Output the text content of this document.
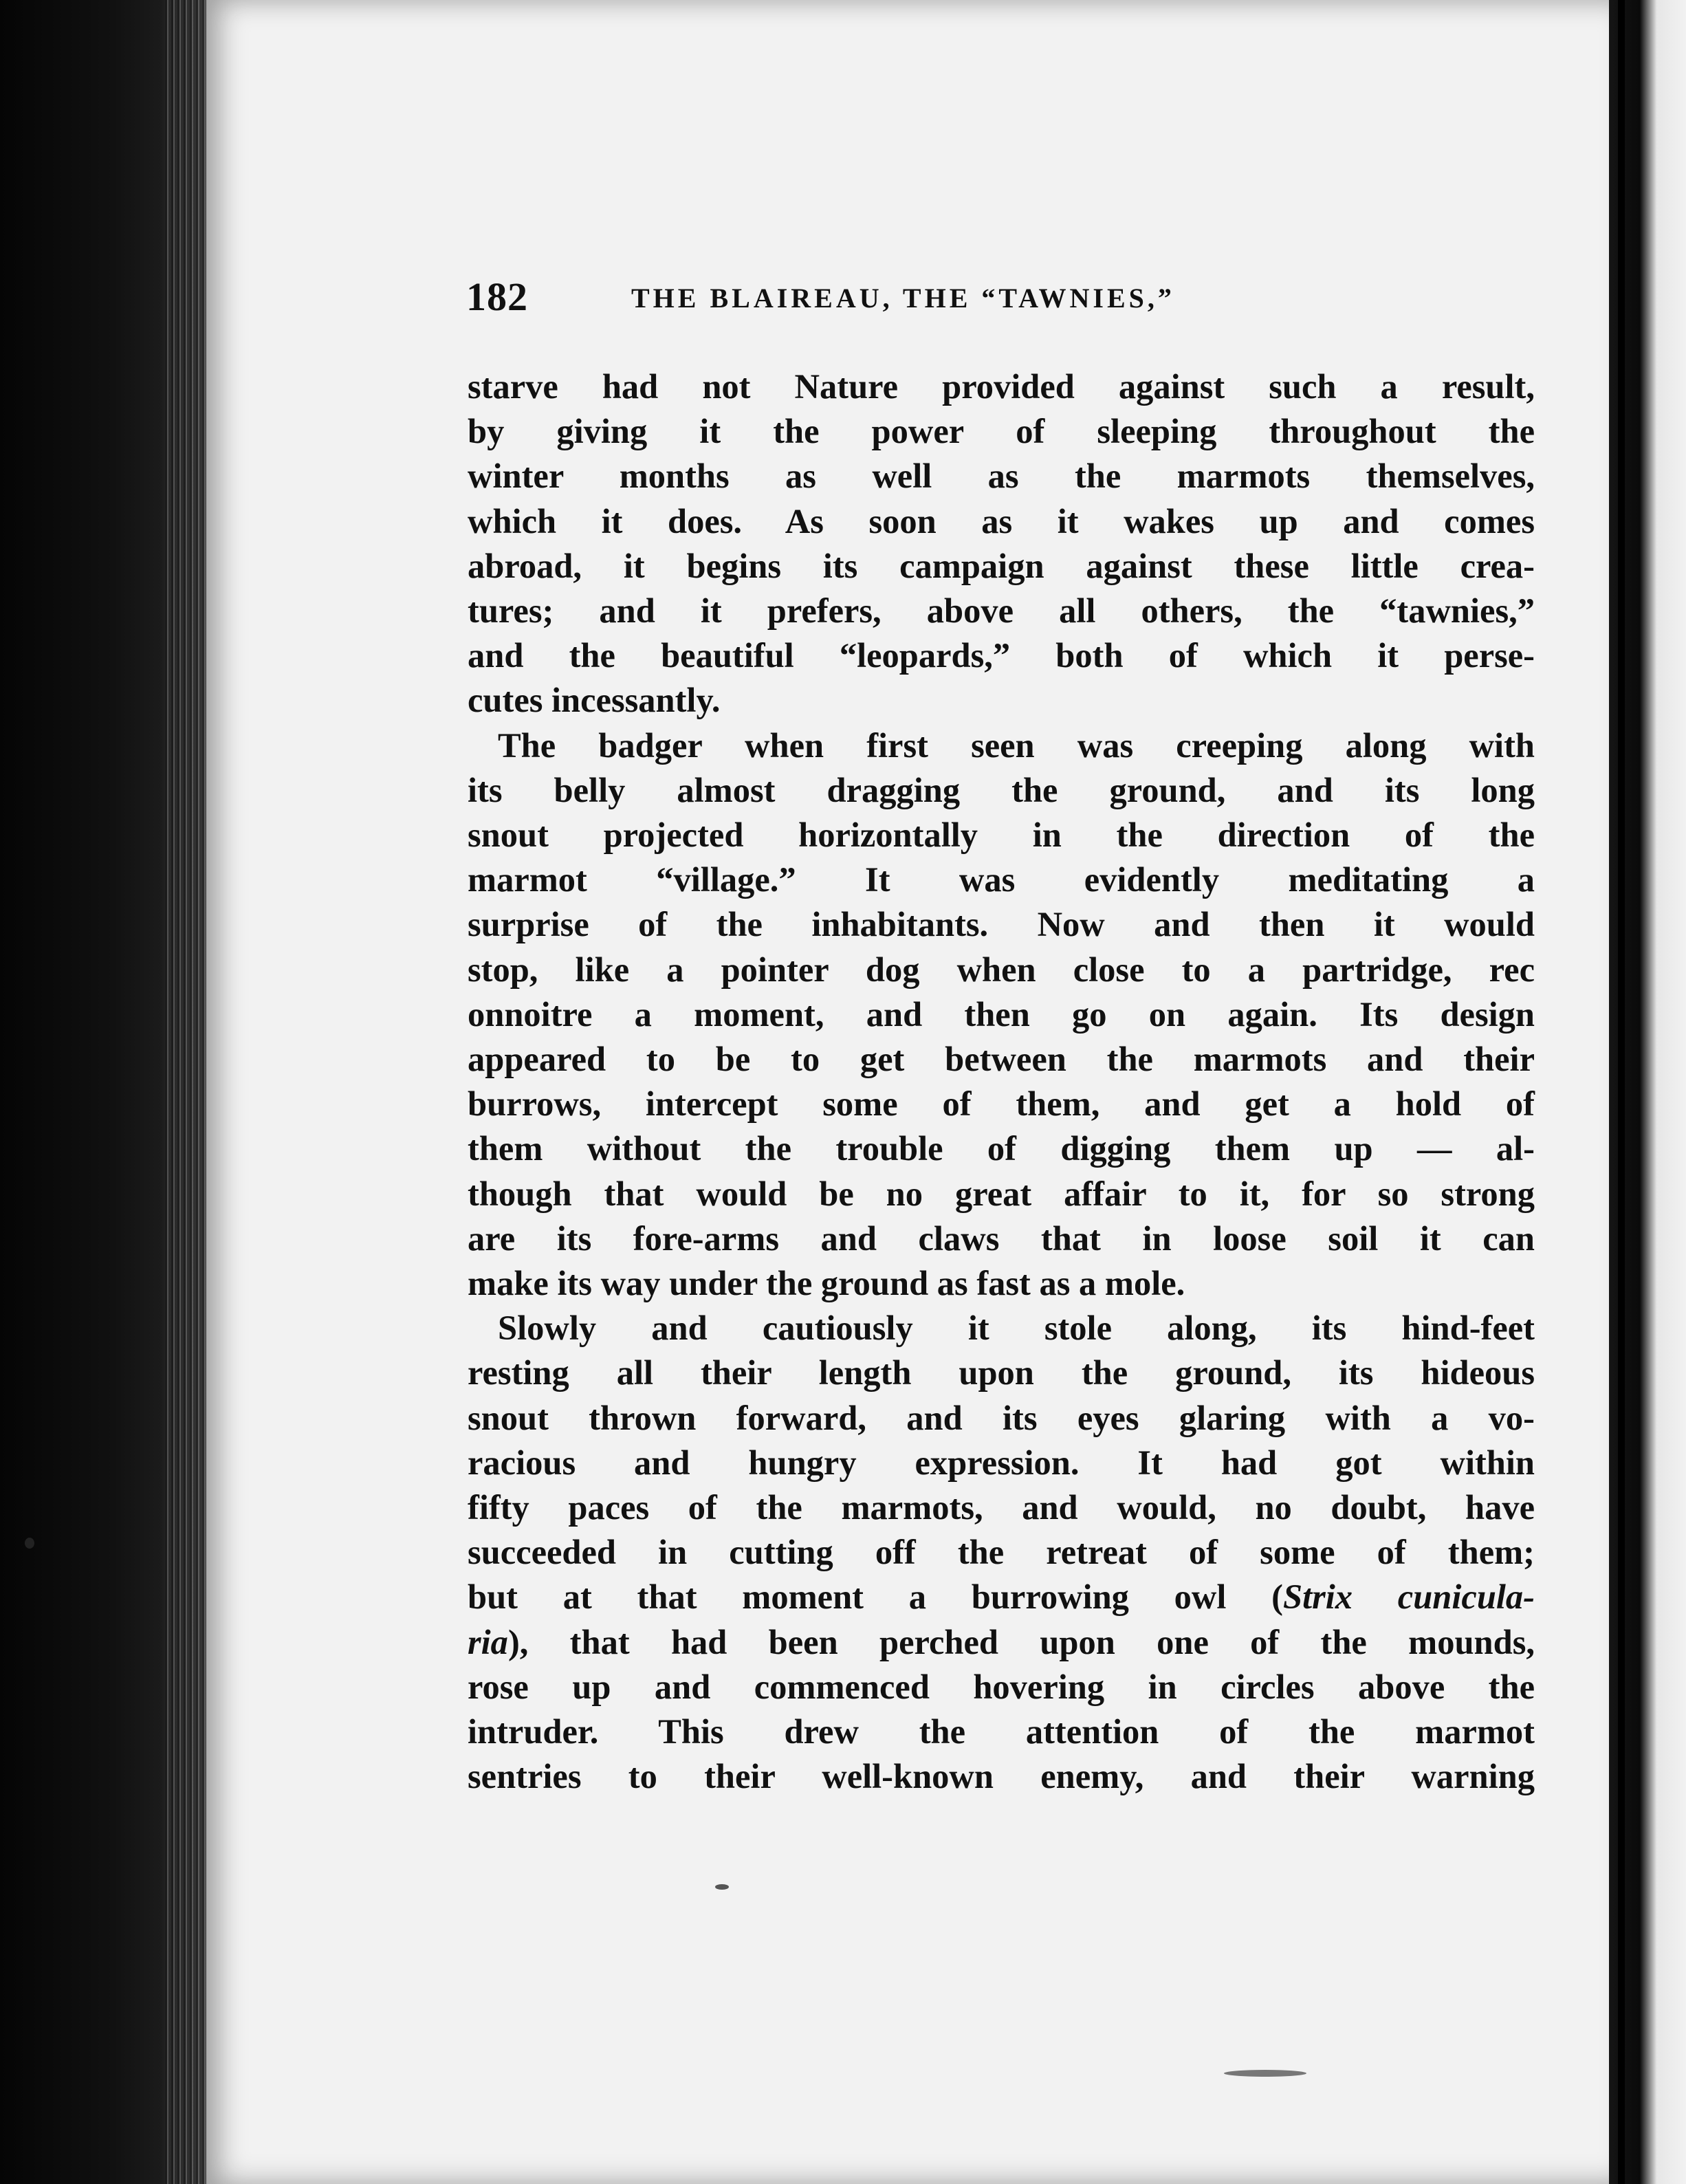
182	THE BLAIREAU, THE “TAWNIES,”

starve had not Nature provided against such a result,
by giving it the power of sleeping throughout the
winter months as well as the marmots themselves,
which it does. As soon as it wakes up and comes
abroad, it begins its campaign against these little crea-
tures; and it prefers, above all others, the “tawnies,”
and the beautiful “leopards,” both of which it perse-
cutes incessantly.

The badger when first seen was creeping along with
its belly almost dragging the ground, and its long
snout projected horizontally in the direction of the
marmot “village.” It was evidently meditating a
surprise of the inhabitants. Now and then it would
stop, like a pointer dog when close to a partridge, rec
onnoitre a moment, and then go on again. Its design
appeared to be to get between the marmots and their
burrows, intercept some of them, and get a hold of
them without the trouble of digging them up — al-
though that would be no great affair to it, for so strong
are its fore-arms and claws that in loose soil it can
make its way under the ground as fast as a mole.

Slowly and cautiously it stole along, its hind-feet
resting all their length upon the ground, its hideous
snout thrown forward, and its eyes glaring with a vo-
racious and hungry expression. It had got within
fifty paces of the marmots, and would, no doubt, have
succeeded in cutting off the retreat of some of them;
but at that moment a burrowing owl (Strix cunicula-
ria), that had been perched upon one of the mounds,
rose up and commenced hovering in circles above the
intruder. This drew the attention of the marmot
sentries to their well-known enemy, and their warning
